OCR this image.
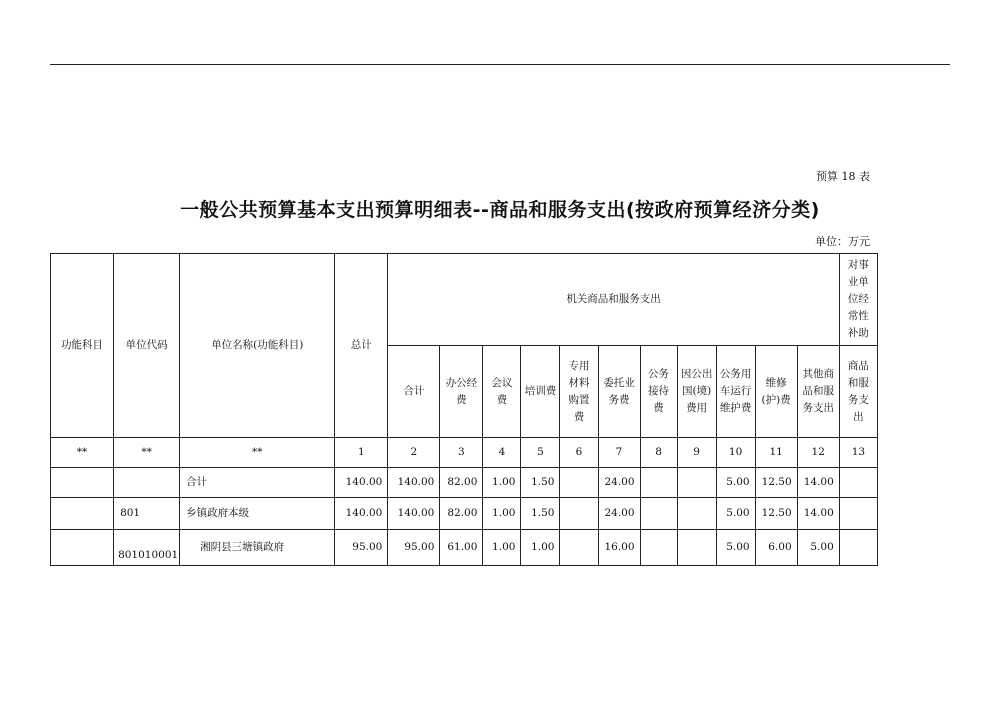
预算 18 表
一般公共预算基本支出预算明细表--商品和服务支出(按政府预算经济分类)
单位：万元
功能科目	单位代码	单位名称(功能科目)	总计	机关商品和服务支出											对事业单位经常性补助
				合计	办公经费	会议费	培训费	专用材料购置费	委托业务费	公务接待费	因公出国(境)费用	公务用车运行维护费	维修(护)费	其他商品和服务支出	商品和服务支出
**	**	**	1	2	3	4	5	6	7	8	9	10	11	12	13
		合计	140.00	140.00	82.00	1.00	1.50		24.00			5.00	12.50	14.00	
	801	乡镇政府本级	140.00	140.00	82.00	1.00	1.50		24.00			5.00	12.50	14.00	
	801010001	湘阴县三塘镇政府	95.00	95.00	61.00	1.00	1.00		16.00			5.00	6.00	5.00	
